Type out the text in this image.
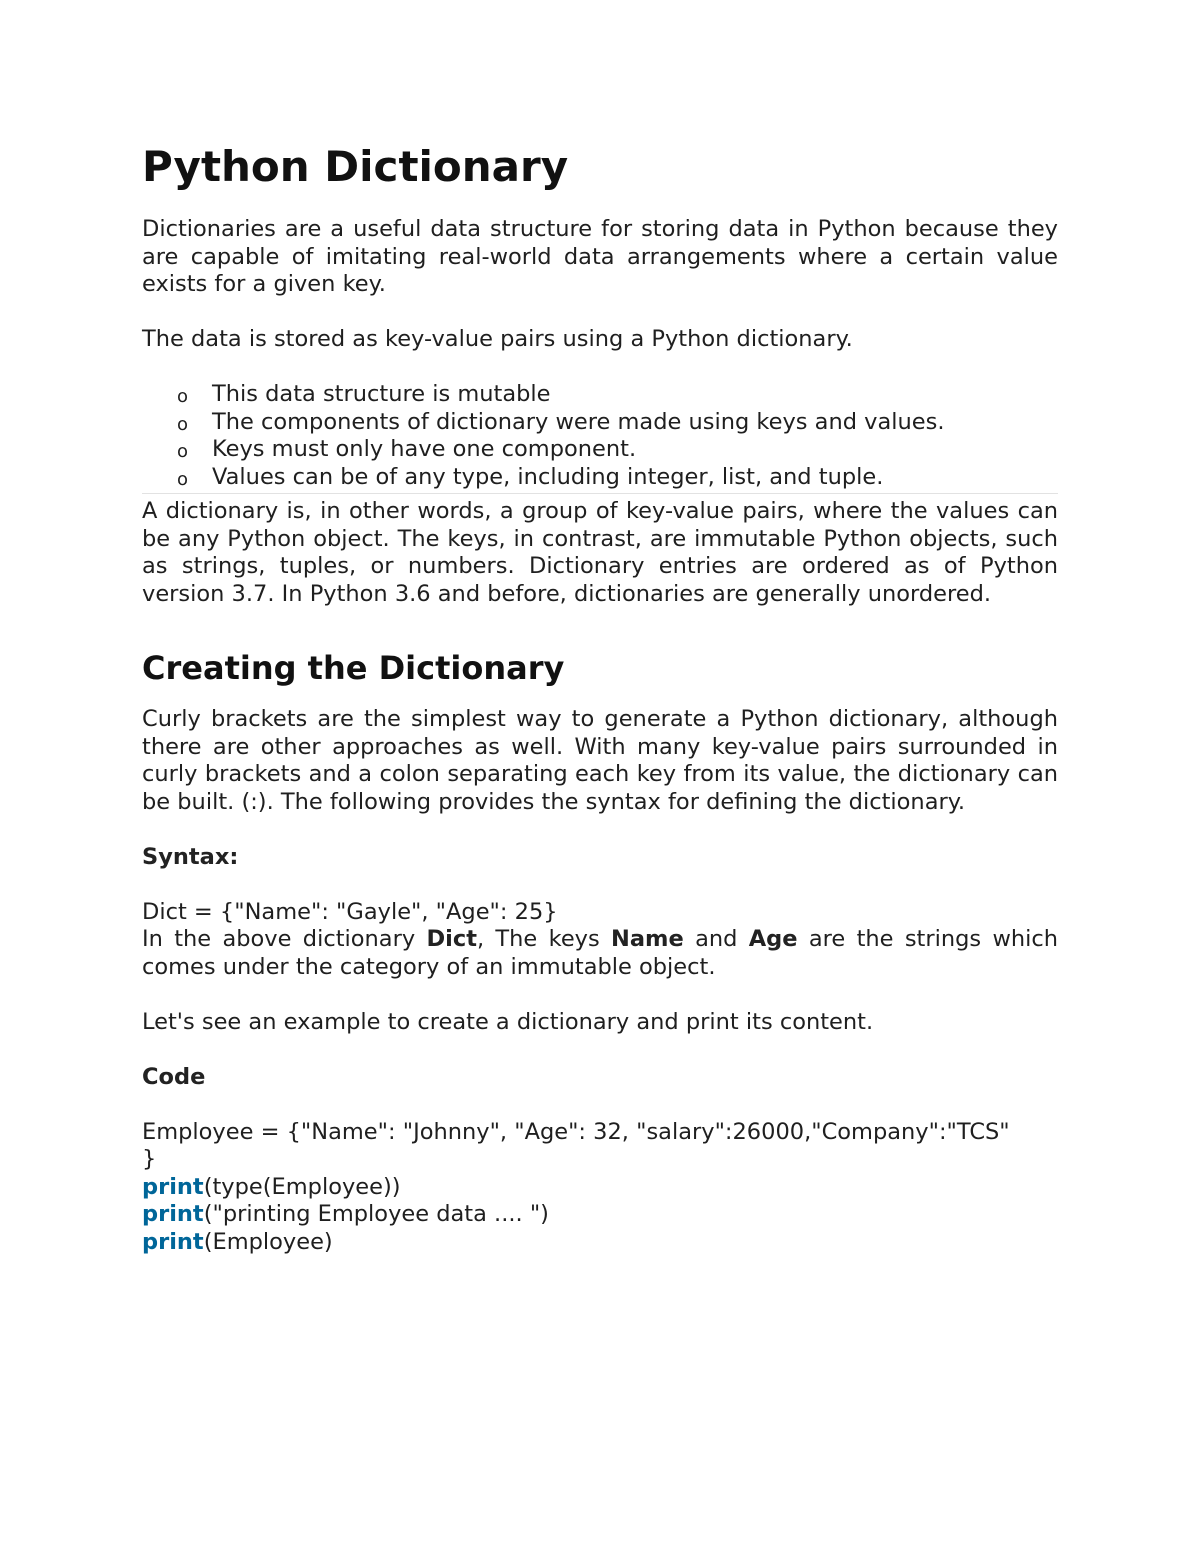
Python Dictionary

Dictionaries are a useful data structure for storing data in Python because they are capable of imitating real-world data arrangements where a certain value exists for a given key.

The data is stored as key-value pairs using a Python dictionary.

o This data structure is mutable
o The components of dictionary were made using keys and values.
o Keys must only have one component.
o Values can be of any type, including integer, list, and tuple.

A dictionary is, in other words, a group of key-value pairs, where the values can be any Python object. The keys, in contrast, are immutable Python objects, such as strings, tuples, or numbers. Dictionary entries are ordered as of Python version 3.7. In Python 3.6 and before, dictionaries are generally unordered.

Creating the Dictionary

Curly brackets are the simplest way to generate a Python dictionary, although there are other approaches as well. With many key-value pairs surrounded in curly brackets and a colon separating each key from its value, the dictionary can be built. (:). The following provides the syntax for defining the dictionary.

Syntax:

Dict = {"Name": "Gayle", "Age": 25}

In the above dictionary Dict, The keys Name and Age are the strings which comes under the category of an immutable object.

Let's see an example to create a dictionary and print its content.

Code

Employee = {"Name": "Johnny", "Age": 32, "salary":26000,"Company":"TCS"

}

print(type(Employee))

print("printing Employee data .... ")

print(Employee)
